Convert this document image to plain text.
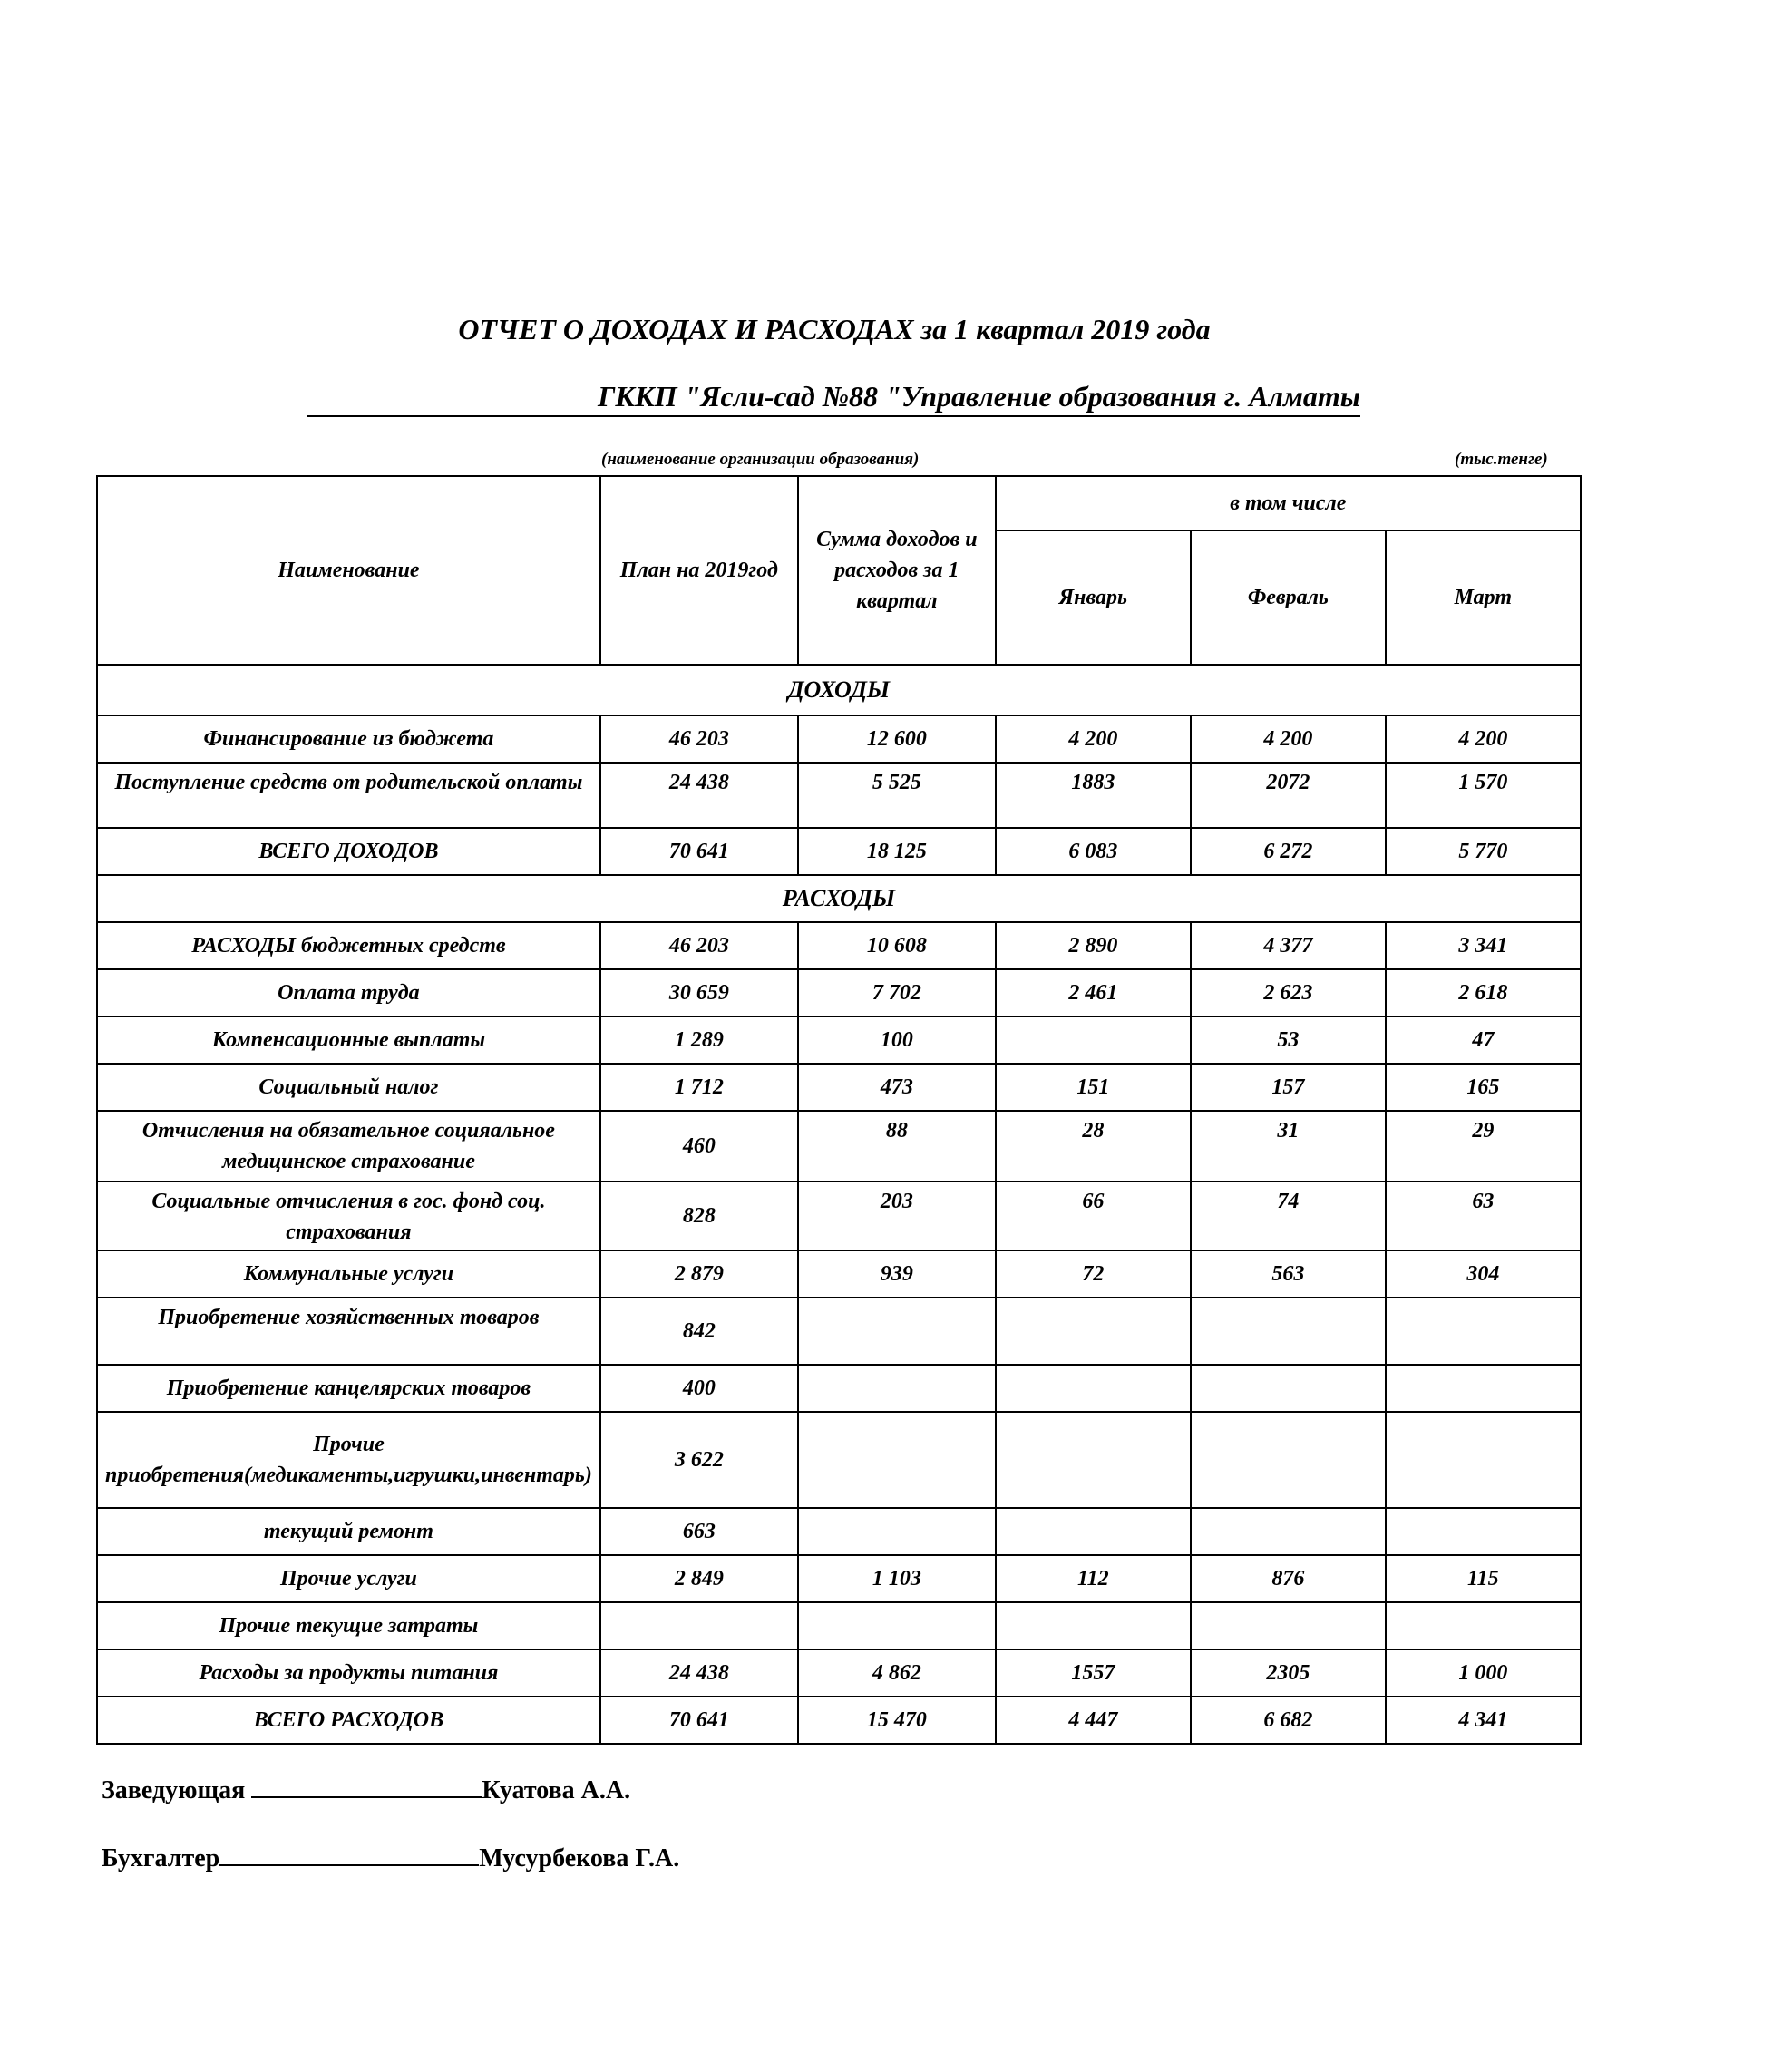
ОТЧЕТ О ДОХОДАХ И РАСХОДАХ за 1 квартал 2019 года
ГККП "Ясли-сад №88 "Управление образования г. Алматы
(наименование организации образования)	(тыс.тенге)
Наименование	План на 2019год	Сумма доходов и расходов за 1 квартал	в том числе		
			Январь	Февраль	Март
ДОХОДЫ					
Финансирование из бюджета	46 203	12 600	4 200	4 200	4 200
Поступление средств от родительской оплаты	24 438	5 525	1883	2072	1 570
ВСЕГО ДОХОДОВ	70 641	18 125	6 083	6 272	5 770
РАСХОДЫ					
РАСХОДЫ бюджетных средств	46 203	10 608	2 890	4 377	3 341
Оплата труда	30 659	7 702	2 461	2 623	2 618
Компенсационные выплаты	1 289	100		53	47
Социальный налог	1 712	473	151	157	165
Отчисления на обязательное социяальное медицинское страхование	460	88	28	31	29
Социальные отчисления в гос. фонд соц. страхования	828	203	66	74	63
Коммунальные услуги	2 879	939	72	563	304
Приобретение хозяйственных товаров	842				
Приобретение канцелярских товаров	400				
Прочие приобретения(медикаменты,игрушки,инвентарь)	3 622				
текущий ремонт	663				
Прочие услуги	2 849	1 103	112	876	115
Прочие текущие затраты					
Расходы за продукты питания	24 438	4 862	1557	2305	1 000
ВСЕГО РАСХОДОВ	70 641	15 470	4 447	6 682	4 341
Заведующая	Куатова А.А.
Бухгалтер	Мусурбекова Г.А.
